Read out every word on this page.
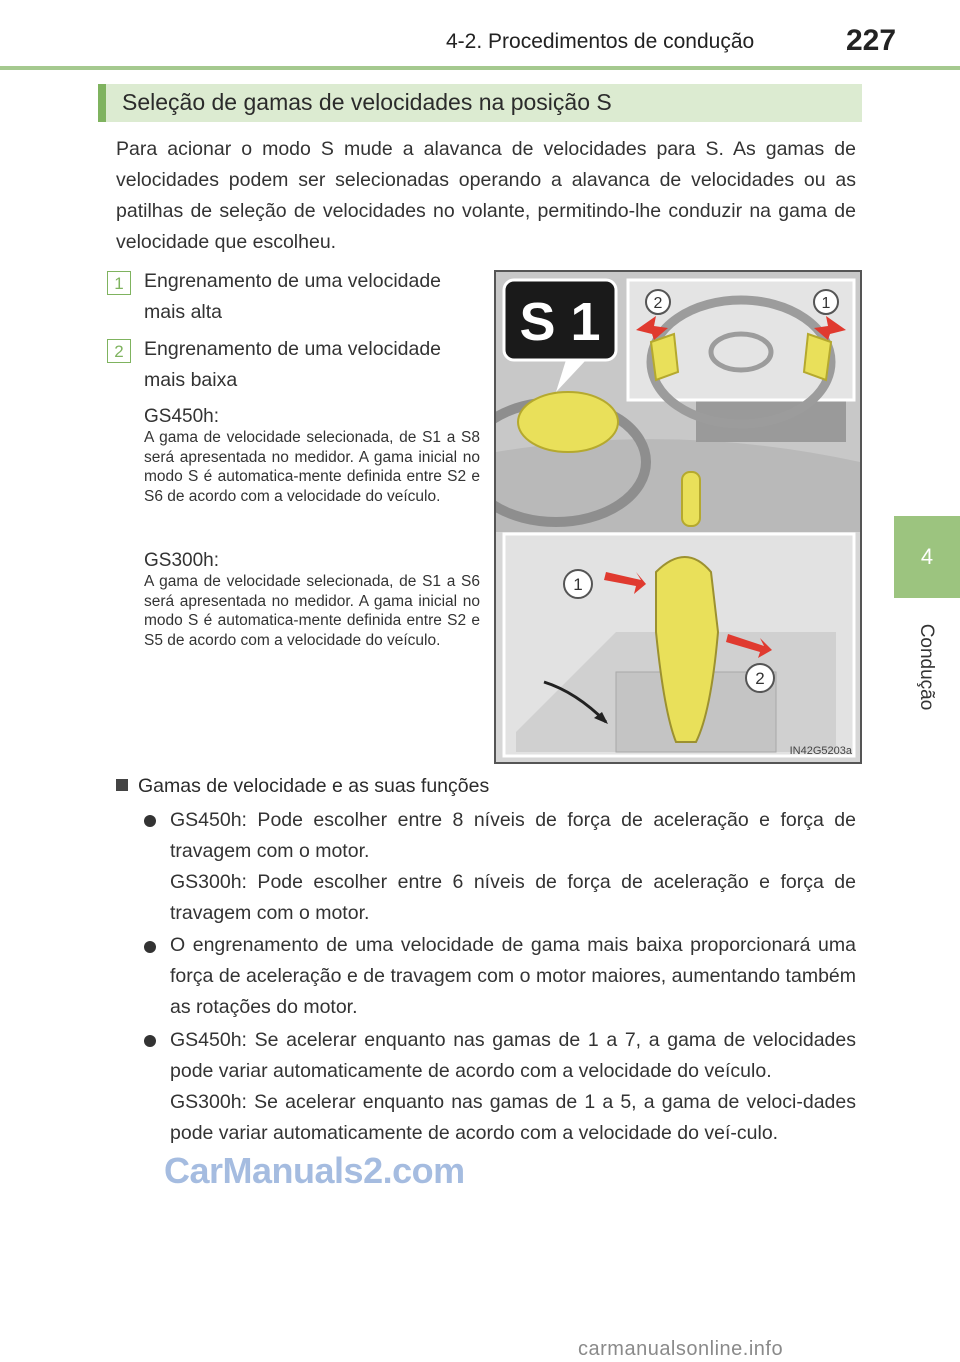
4-2. Procedimentos de condução	227
4
Condução
Seleção de gamas de velocidades na posição S
Para acionar o modo S mude a alavanca de velocidades para S. As gamas de velocidades podem ser selecionadas operando a alavanca de velocidades ou as patilhas de seleção de velocidades no volante, permitindo-lhe conduzir na gama de velocidade que escolheu.
1	Engrenamento de uma velocidade mais alta
2	Engrenamento de uma velocidade mais baixa
GS450h:
A gama de velocidade selecionada, de S1 a S8 será apresentada no medidor. A gama inicial no modo S é automatica-mente definida entre S2 e S6 de acordo com a velocidade do veículo.
GS300h:
A gama de velocidade selecionada, de S1 a S6 será apresentada no medidor. A gama inicial no modo S é automatica-mente definida entre S2 e S5 de acordo com a velocidade do veículo.
S 1	2	1
1
2
IN42G5203a
Gamas de velocidade e as suas funções
GS450h: Pode escolher entre 8 níveis de força de aceleração e força de travagem com o motor.
GS300h: Pode escolher entre 6 níveis de força de aceleração e força de travagem com o motor.
O engrenamento de uma velocidade de gama mais baixa proporcionará uma força de aceleração e de travagem com o motor maiores, aumentando também as rotações do motor.
GS450h: Se acelerar enquanto nas gamas de 1 a 7, a gama de velocidades pode variar automaticamente de acordo com a velocidade do veículo.
GS300h: Se acelerar enquanto nas gamas de 1 a 5, a gama de veloci-dades pode variar automaticamente de acordo com a velocidade do veí-culo.
CarManuals2.com
carmanualsonline.info
